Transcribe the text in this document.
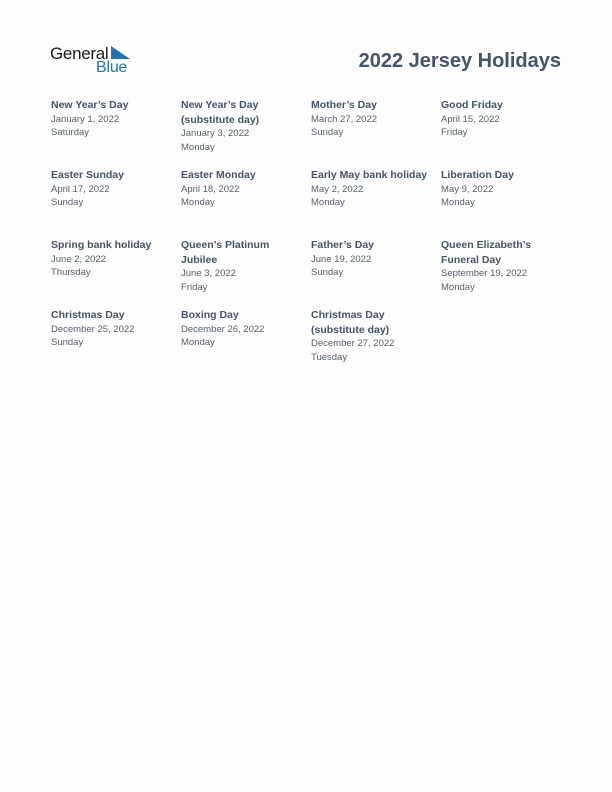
General
Blue	2022 Jersey Holidays

New Year’s Day

January 1, 2022

Saturday

New Year’s Day (substitute day)

January 3, 2022

Monday

Mother’s Day

March 27, 2022

Sunday

Good Friday

April 15, 2022

Friday

Easter Sunday

April 17, 2022

Sunday

Easter Monday

April 18, 2022

Monday

Early May bank holiday

May 2, 2022

Monday

Liberation Day

May 9, 2022

Monday

Spring bank holiday

June 2, 2022

Thursday

Queen’s Platinum Jubilee

June 3, 2022

Friday

Father’s Day

June 19, 2022

Sunday

Queen Elizabeth’s Funeral Day

September 19, 2022

Monday

Christmas Day

December 25, 2022

Sunday

Boxing Day

December 26, 2022

Monday

Christmas Day (substitute day)

December 27, 2022

Tuesday
